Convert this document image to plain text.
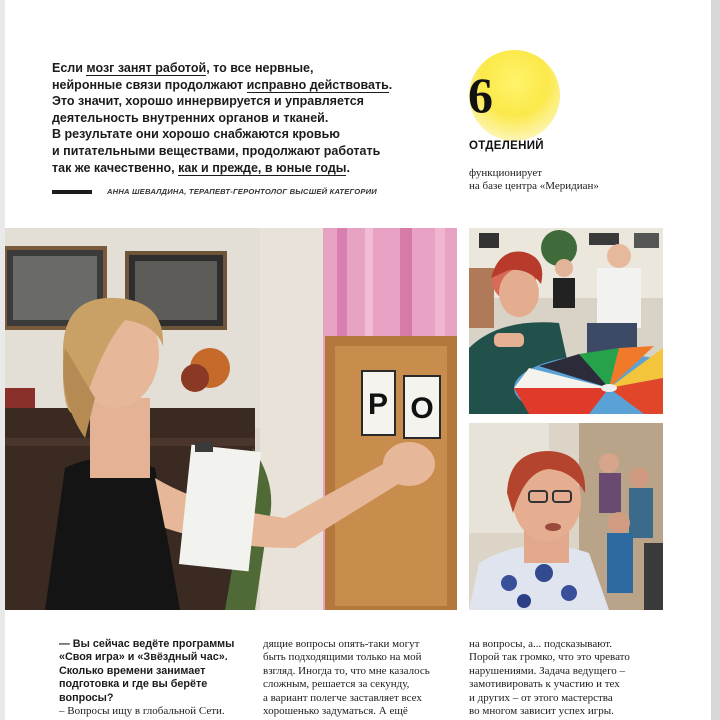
Если мозг занят работой, то все нервные,
нейронные связи продолжают исправно действовать.
Это значит, хорошо иннервируется и управляется
деятельность внутренних органов и тканей.
В результате они хорошо снабжаются кровью
и питательными веществами, продолжают работать
так же качественно, как и прежде, в юные годы.
АННА ШЕВАЛДИНА, ТЕРАПЕВТ-ГЕРОНТОЛОГ ВЫСШЕЙ КАТЕГОРИИ
6
ОТДЕЛЕНИЙ
функционирует
на базе центра «Меридиан»
Р О
— Вы сейчас ведёте программы
«Своя игра» и «Звёздный час».
Сколько времени занимает
подготовка и где вы берёте
вопросы?
– Вопросы ищу в глобальной Сети.
дящие вопросы опять-таки могут
быть подходящими только на мой
взгляд. Иногда то, что мне казалось
сложным, решается за секунду,
а вариант полегче заставляет всех
хорошенько задуматься. А ещё
на вопросы, а... подсказывают.
Порой так громко, что это чревато
нарушениями. Задача ведущего –
замотивировать к участию и тех
и других – от этого мастерства
во многом зависит успех игры.
